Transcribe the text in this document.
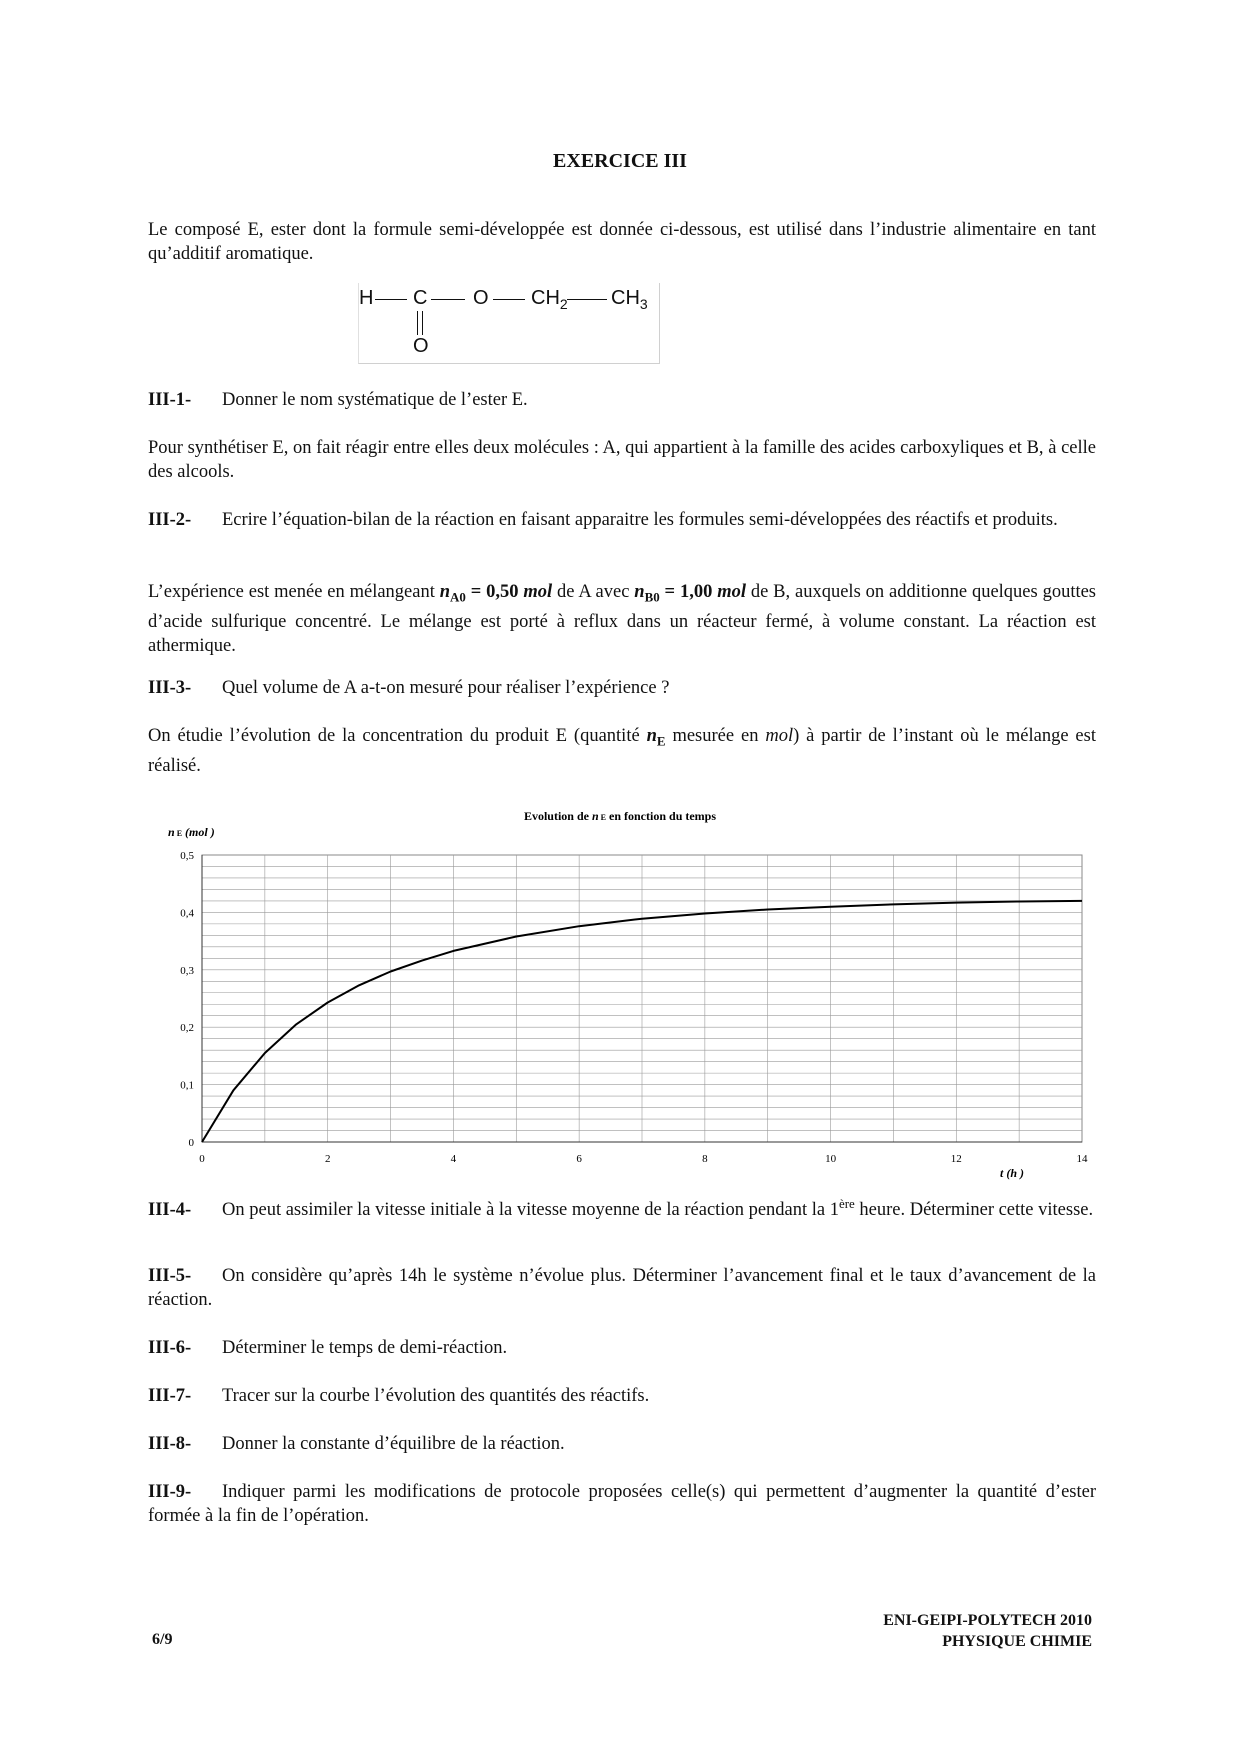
EXERCICE III
Le composé E, ester dont la formule semi-développée est donnée ci-dessous, est utilisé dans l’industrie alimentaire en tant qu’additif aromatique.
H C O $CH_2$ $CH_3$
O
III-1- Donner le nom systématique de l’ester E.
Pour synthétiser E, on fait réagir entre elles deux molécules : A, qui appartient à la famille des acides carboxyliques et B, à celle des alcools.
III-2- Ecrire l’équation-bilan de la réaction en faisant apparaitre les formules semi-développées des réactifs et produits.
L’expérience est menée en mélangeant $n_{A0} = 0,50$ mol de A avec $n_{B0} = 1,00$ mol de B, auxquels on additionne quelques gouttes d’acide sulfurique concentré. Le mélange est porté à reflux dans un réacteur fermé, à volume constant. La réaction est athermique.
III-3- Quel volume de A a-t-on mesuré pour réaliser l’expérience ?
On étudie l’évolution de la concentration du produit E (quantité $n_E$ mesurée en mol) à partir de l’instant où le mélange est réalisé.
Evolution de n E en fonction du temps
n E (mol )
t (h )
0	2	4	6	8	10	12	14
0
0,1
0,2
0,3
0,4
0,5
III-4- On peut assimiler la vitesse initiale à la vitesse moyenne de la réaction pendant la 1ère heure. Déterminer cette vitesse.
III-5- On considère qu’après 14h le système n’évolue plus. Déterminer l’avancement final et le taux d’avancement de la réaction.
III-6- Déterminer le temps de demi-réaction.
III-7- Tracer sur la courbe l’évolution des quantités des réactifs.
III-8- Donner la constante d’équilibre de la réaction.
III-9- Indiquer parmi les modifications de protocole proposées celle(s) qui permettent d’augmenter la quantité d’ester formée à la fin de l’opération.
ENI-GEIPI-POLYTECH 2010
PHYSIQUE CHIMIE
6/9
